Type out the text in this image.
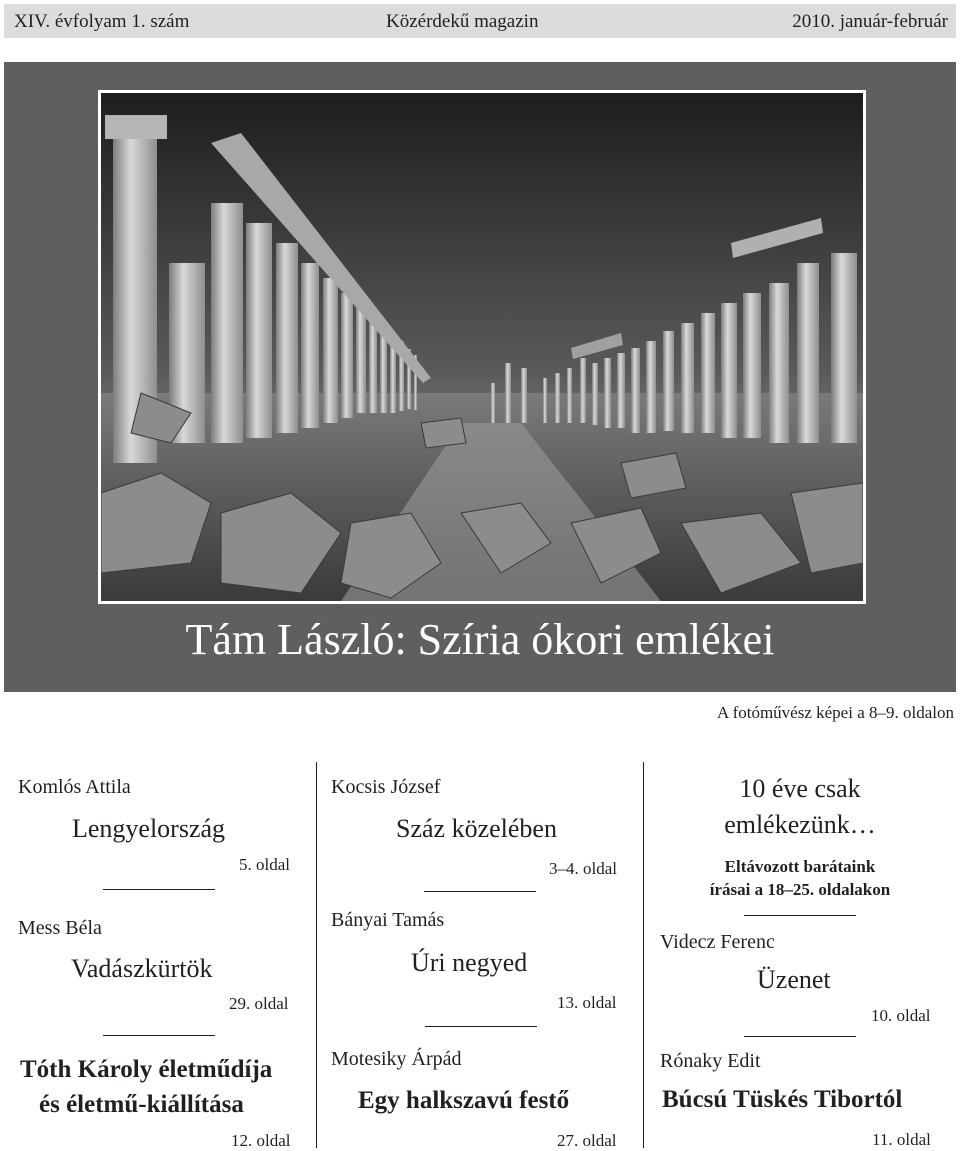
XIV. évfolyam 1. szám	Közérdekű magazin	2010. január-február
Tám László: Szíria ókori emlékei
A fotóművész képei a 8–9. oldalon
Komlós Attila
Lengyelország
5. oldal
Mess Béla
Vadászkürtök
29. oldal
Tóth Károly életműdíja
és életmű-kiállítása
12. oldal
Kocsis József
Száz közelében
3–4. oldal
Bányai Tamás
Úri negyed
13. oldal
Motesiky Árpád
Egy halkszavú festő
27. oldal
10 éve csak
emlékezünk…
Eltávozott barátaink
írásai a 18–25. oldalakon
Videcz Ferenc
Üzenet
10. oldal
Rónaky Edit
Búcsú Tüskés Tibortól
11. oldal
